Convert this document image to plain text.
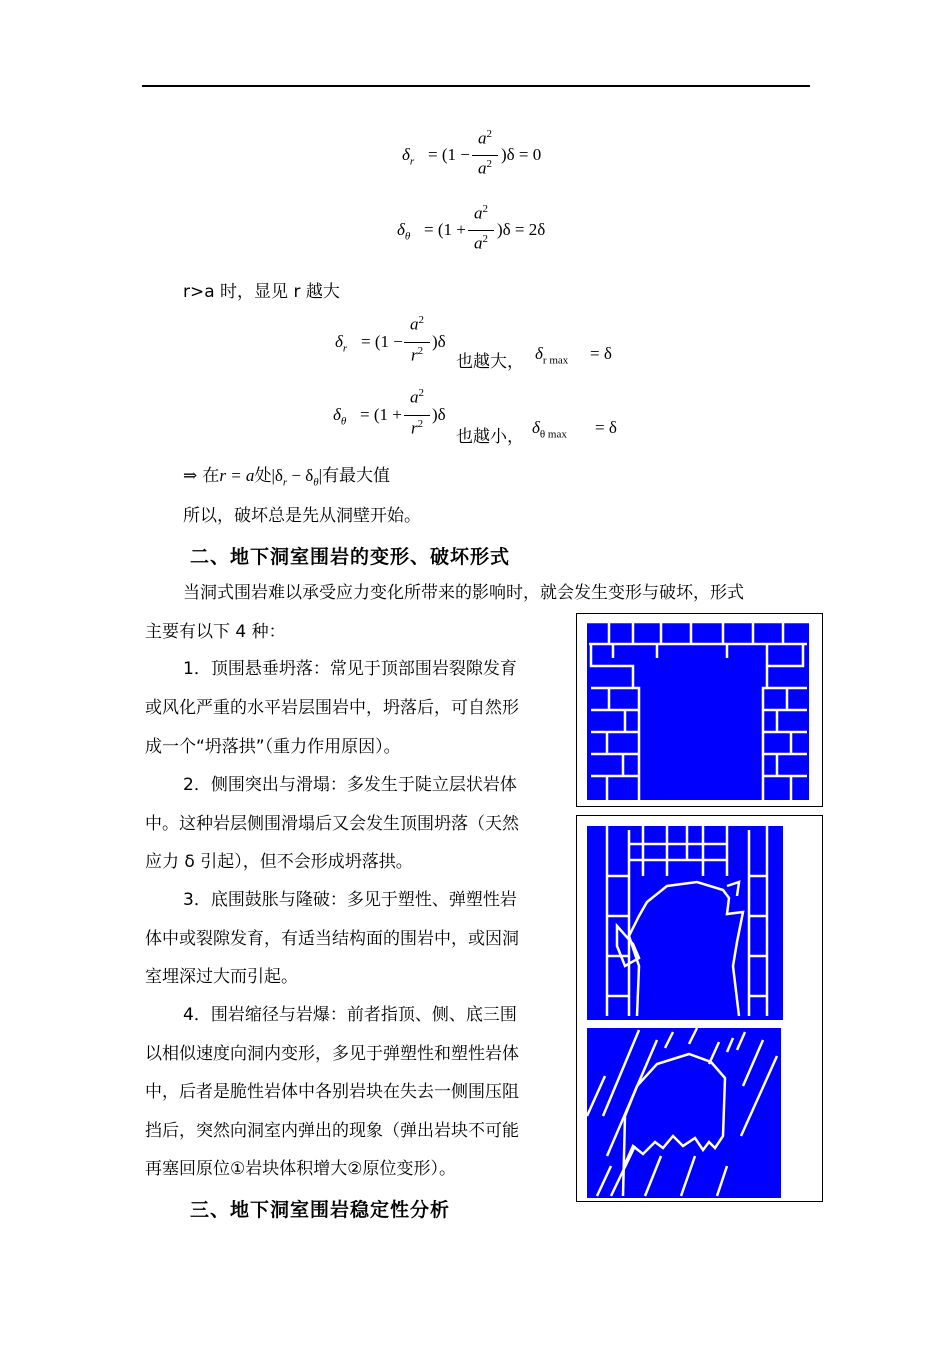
$\delta_r = (1$ −
$a^2$
$a^2$ )δ = 0
$\delta_\theta = (1$ +
$a^2$
$a^2$ )δ = 2δ
r>a 时，显见 r 越大
$\delta_r = (1$ −
$a^2$
$r^2$ )δ
也越大， $\delta_{r max} = \delta$
$\delta_\theta = (1$ +
$a^2$
$r^2$ )δ
也越小， $\delta_{\theta max} = \delta$
⇒ 在r = a处$|\delta_r - \delta_\theta|$有最大值
所以，破坏总是先从洞壁开始。
二、地下洞室围岩的变形、破坏形式
当洞式围岩难以承受应力变化所带来的影响时，就会发生变形与破坏，形式
主要有以下 4 种：
1．顶围悬垂坍落：常见于顶部围岩裂隙发育
或风化严重的水平岩层围岩中，坍落后，可自然形
成一个“坍落拱”（重力作用原因）。
2．侧围突出与滑塌：多发生于陡立层状岩体
中。这种岩层侧围滑塌后又会发生顶围坍落（天然
应力 δ 引起），但不会形成坍落拱。
3．底围鼓胀与隆破：多见于塑性、弹塑性岩
体中或裂隙发育，有适当结构面的围岩中，或因洞
室埋深过大而引起。
4．围岩缩径与岩爆：前者指顶、侧、底三围
以相似速度向洞内变形，多见于弹塑性和塑性岩体
中，后者是脆性岩体中各别岩块在失去一侧围压阻
挡后，突然向洞室内弹出的现象（弹出岩块不可能
再塞回原位①岩块体积增大②原位变形）。
三、地下洞室围岩稳定性分析
